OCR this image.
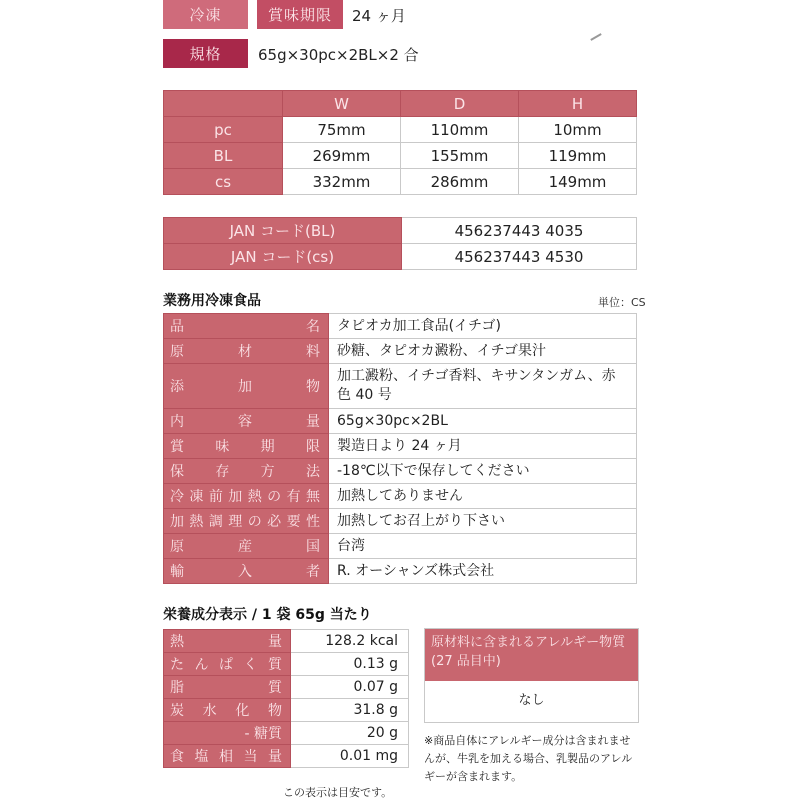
冷凍	賞味期限	24 ヶ月
規格	65g×30pc×2BL×2 合
	W	D	H
pc	75mm	110mm	10mm
BL	269mm	155mm	119mm
cs	332mm	286mm	149mm
JAN コード(BL)	456237443 4035
JAN コード(cs)	456237443 4530
業務用冷凍食品	単位：CS
品名	タピオカ加工食品(イチゴ)
原材料	砂糖、タピオカ澱粉、イチゴ果汁
添加物	加工澱粉、イチゴ香料、キサンタンガム、赤色 40 号
内容量	65g×30pc×2BL
賞味期限	製造日より 24 ヶ月
保存方法	-18℃以下で保存してください
冷凍前加熱の有無	加熱してありません
加熱調理の必要性	加熱してお召上がり下さい
原産国	台湾
輸入者	R. オーシャンズ株式会社
栄養成分表示 / 1 袋 65g 当たり
熱量	128.2 kcal
たんぱく質	0.13 g
脂質	0.07 g
炭水化物	31.8 g
- 糖質	20 g
食塩相当量	0.01 mg
この表示は目安です。
原材料に含まれるアレルギー物質(27 品目中)
なし
※商品自体にアレルギー成分は含まれませんが、牛乳を加える場合、乳製品のアレルギーが含まれます。
